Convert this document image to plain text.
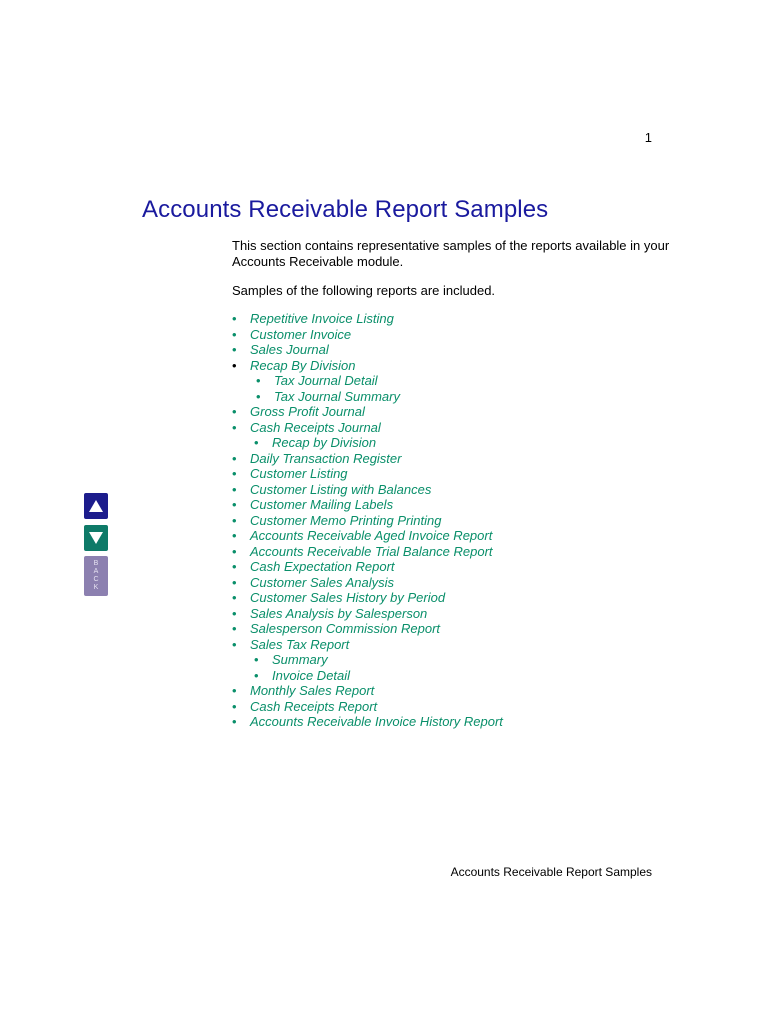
1
Accounts Receivable Report Samples

This section contains representative samples of the reports available in your Accounts Receivable module.

Samples of the following reports are included.

• Repetitive Invoice Listing
• Customer Invoice
• Sales Journal
• Recap By Division
• Tax Journal Detail
• Tax Journal Summary
• Gross Profit Journal
• Cash Receipts Journal
• Recap by Division
• Daily Transaction Register
• Customer Listing
• Customer Listing with Balances
• Customer Mailing Labels
• Customer Memo Printing Printing
• Accounts Receivable Aged Invoice Report
• Accounts Receivable Trial Balance Report
• Cash Expectation Report
• Customer Sales Analysis
• Customer Sales History by Period
• Sales Analysis by Salesperson
• Salesperson Commission Report
• Sales Tax Report
• Summary
• Invoice Detail
• Monthly Sales Report
• Cash Receipts Report
• Accounts Receivable Invoice History Report
B
A
C
K
Accounts Receivable Report Samples
